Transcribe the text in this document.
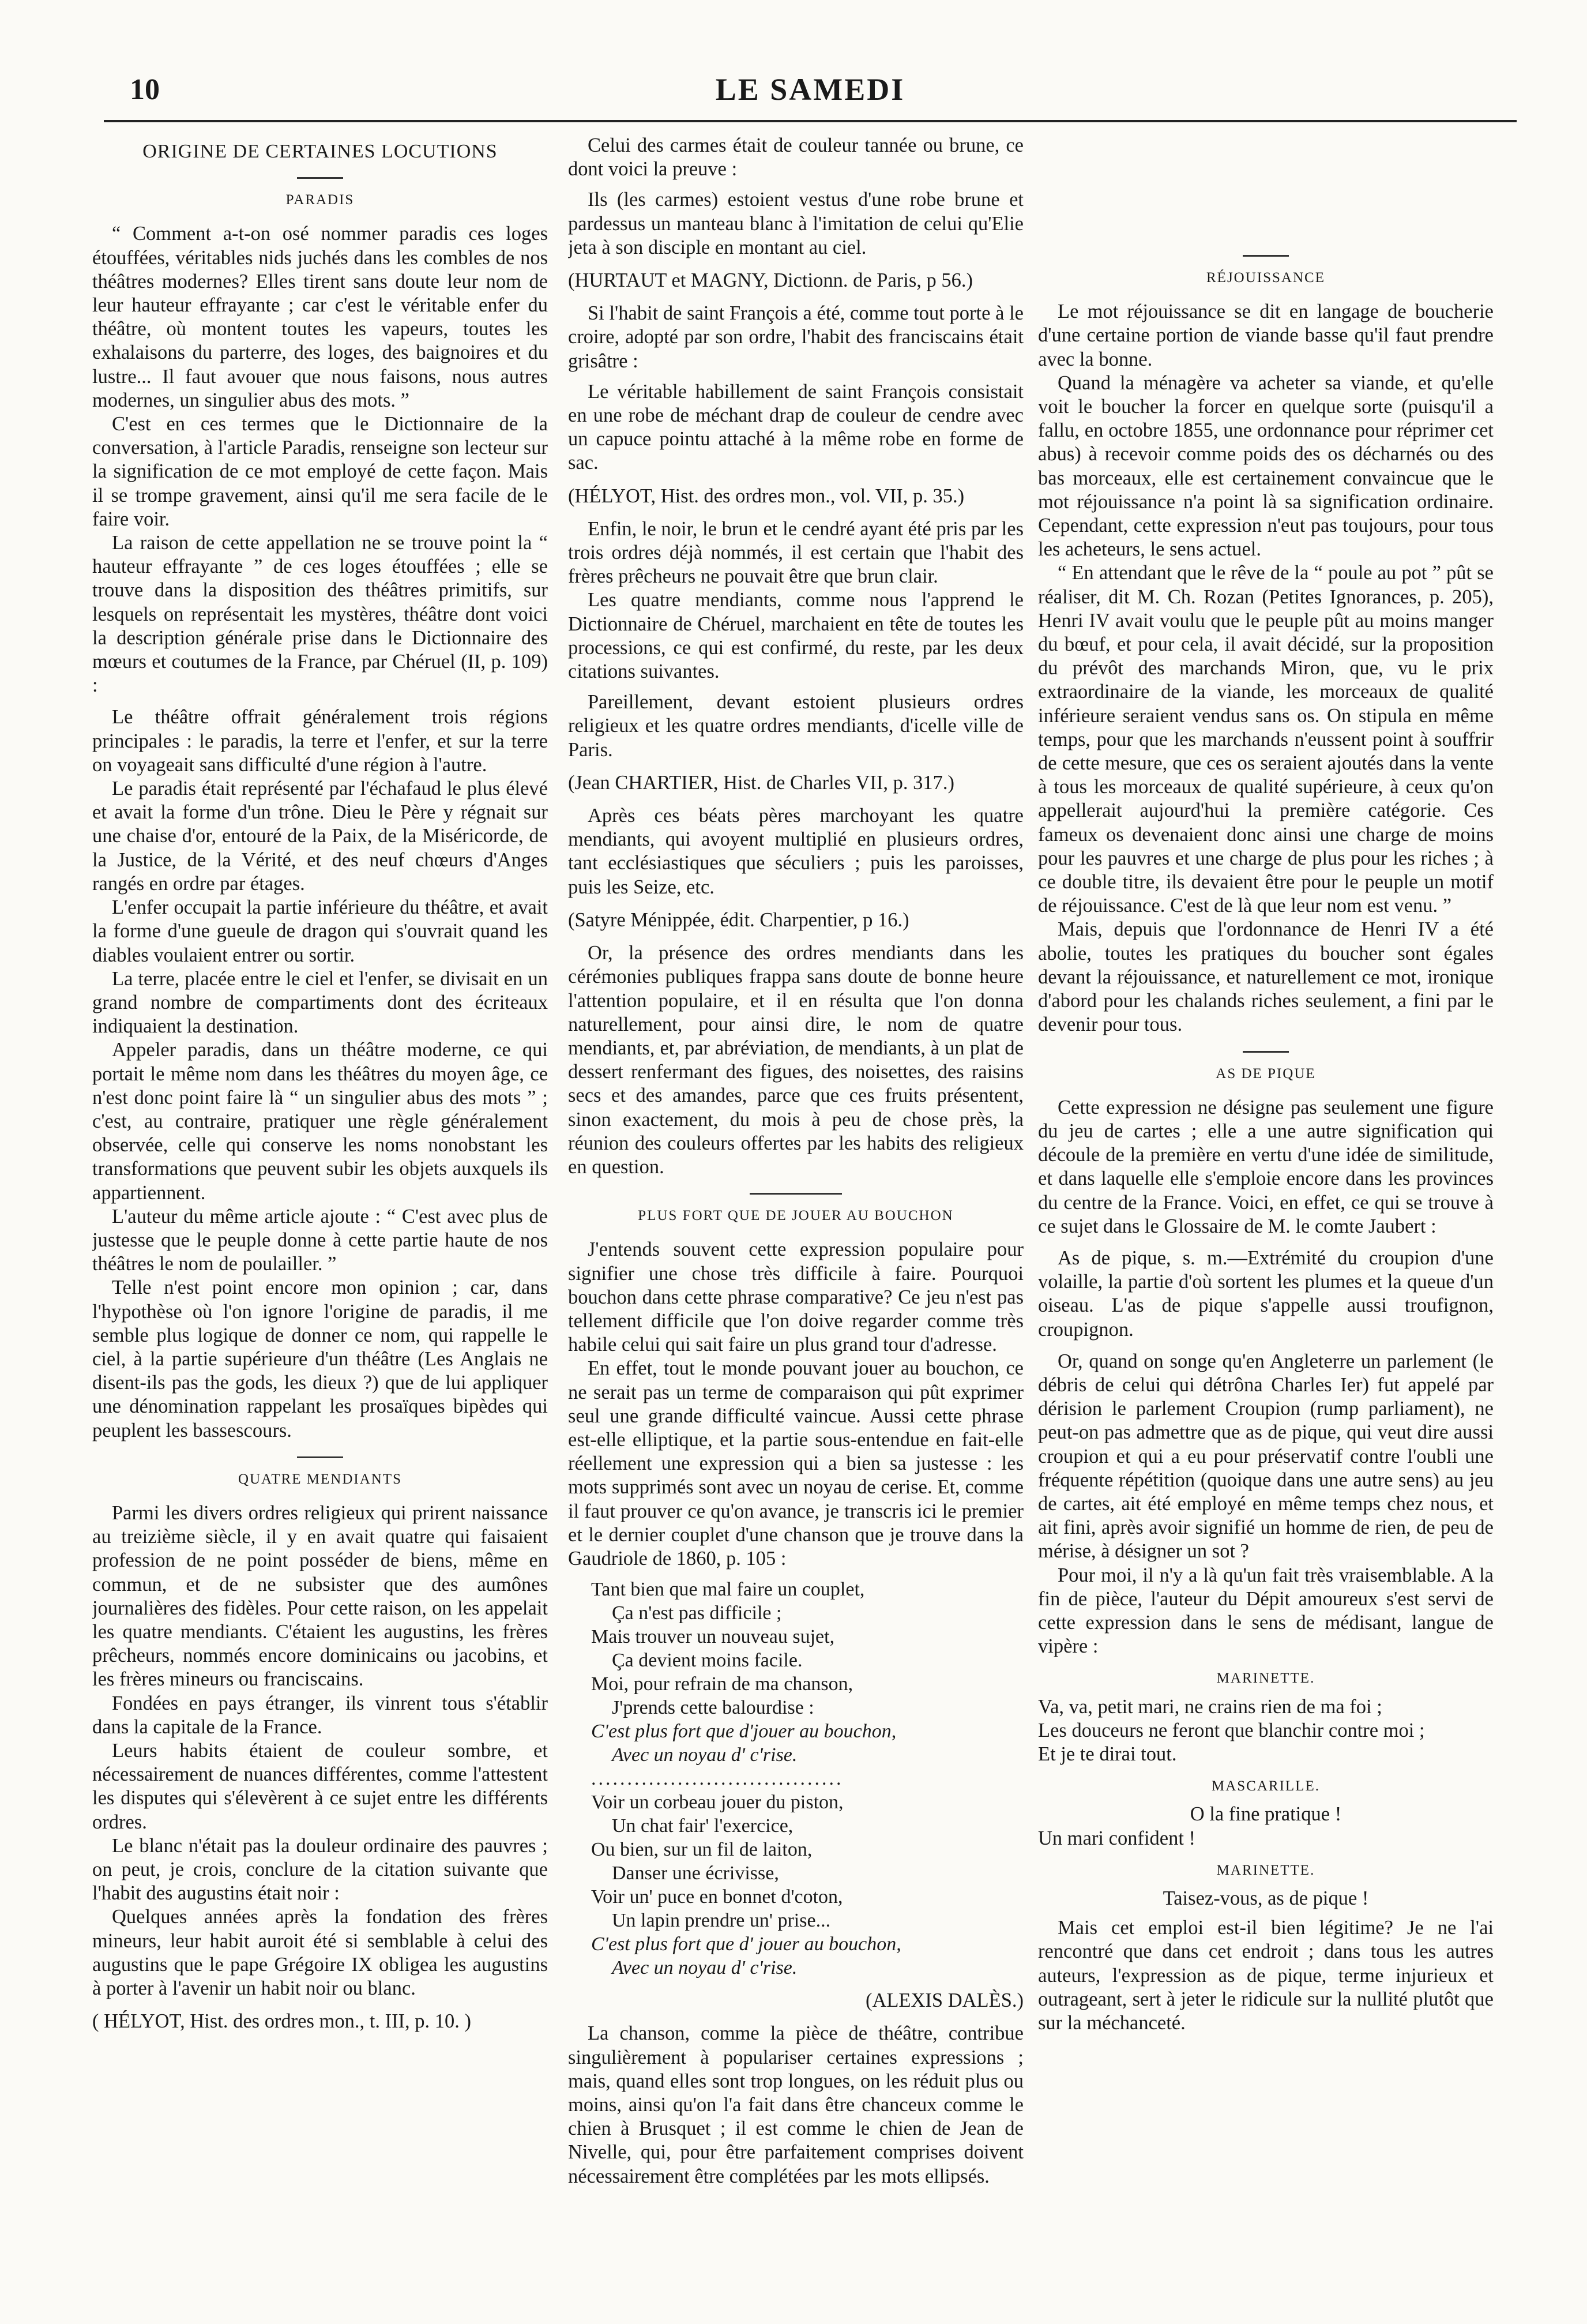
10	LE SAMEDI
ORIGINE DE CERTAINES LOCUTIONS
PARADIS

“ Comment a-t-on osé nommer paradis ces loges étouffées, véritables nids juchés dans les combles de nos théâtres modernes? Elles tirent sans doute leur nom de leur hauteur effrayante ; car c'est le véritable enfer du théâtre, où montent toutes les vapeurs, toutes les exhalaisons du parterre, des loges, des baignoires et du lustre... Il faut avouer que nous faisons, nous autres modernes, un singulier abus des mots. ”

C'est en ces termes que le Dictionnaire de la conversation, à l'article Paradis, renseigne son lecteur sur la signification de ce mot employé de cette façon. Mais il se trompe gravement, ainsi qu'il me sera facile de le faire voir.

La raison de cette appellation ne se trouve point la “ hauteur effrayante ” de ces loges étouffées ; elle se trouve dans la disposition des théâtres primitifs, sur lesquels on représentait les mystères, théâtre dont voici la description générale prise dans le Dictionnaire des mœurs et coutumes de la France, par Chéruel (II, p. 109) :

Le théâtre offrait généralement trois régions principales : le paradis, la terre et l'enfer, et sur la terre on voyageait sans difficulté d'une région à l'autre.

Le paradis était représenté par l'échafaud le plus élevé et avait la forme d'un trône. Dieu le Père y régnait sur une chaise d'or, entouré de la Paix, de la Miséricorde, de la Justice, de la Vérité, et des neuf chœurs d'Anges rangés en ordre par étages.

L'enfer occupait la partie inférieure du théâtre, et avait la forme d'une gueule de dragon qui s'ouvrait quand les diables voulaient entrer ou sortir.

La terre, placée entre le ciel et l'enfer, se divisait en un grand nombre de compartiments dont des écriteaux indiquaient la destination.

Appeler paradis, dans un théâtre moderne, ce qui portait le même nom dans les théâtres du moyen âge, ce n'est donc point faire là “ un singulier abus des mots ” ; c'est, au contraire, pratiquer une règle généralement observée, celle qui conserve les noms nonobstant les transformations que peuvent subir les objets auxquels ils appartiennent.

L'auteur du même article ajoute : “ C'est avec plus de justesse que le peuple donne à cette partie haute de nos théâtres le nom de poulailler. ”

Telle n'est point encore mon opinion ; car, dans l'hypothèse où l'on ignore l'origine de paradis, il me semble plus logique de donner ce nom, qui rappelle le ciel, à la partie supérieure d'un théâtre (Les Anglais ne disent-ils pas the gods, les dieux ?) que de lui appliquer une dénomination rappelant les prosaïques bipèdes qui peuplent les bassescours.

QUATRE MENDIANTS

Parmi les divers ordres religieux qui prirent naissance au treizième siècle, il y en avait quatre qui faisaient profession de ne point posséder de biens, même en commun, et de ne subsister que des aumônes journalières des fidèles. Pour cette raison, on les appelait les quatre mendiants. C'étaient les augustins, les frères prêcheurs, nommés encore dominicains ou jacobins, et les frères mineurs ou franciscains.

Fondées en pays étranger, ils vinrent tous s'établir dans la capitale de la France.

Leurs habits étaient de couleur sombre, et nécessairement de nuances différentes, comme l'attestent les disputes qui s'élevèrent à ce sujet entre les différents ordres.

Le blanc n'était pas la douleur ordinaire des pauvres ; on peut, je crois, conclure de la citation suivante que l'habit des augustins était noir :

Quelques années après la fondation des frères mineurs, leur habit auroit été si semblable à celui des augustins que le pape Grégoire IX obligea les augustins à porter à l'avenir un habit noir ou blanc.

( HÉLYOT, Hist. des ordres mon., t. III, p. 10. )

Celui des carmes était de couleur tannée ou brune, ce dont voici la preuve :

Ils (les carmes) estoient vestus d'une robe brune et pardessus un manteau blanc à l'imitation de celui qu'Elie jeta à son disciple en montant au ciel.

(HURTAUT et MAGNY, Dictionn. de Paris, p 56.)

Si l'habit de saint François a été, comme tout porte à le croire, adopté par son ordre, l'habit des franciscains était grisâtre :

Le véritable habillement de saint François consistait en une robe de méchant drap de couleur de cendre avec un capuce pointu attaché à la même robe en forme de sac.

(HÉLYOT, Hist. des ordres mon., vol. VII, p. 35.)

Enfin, le noir, le brun et le cendré ayant été pris par les trois ordres déjà nommés, il est certain que l'habit des frères prêcheurs ne pouvait être que brun clair.

Les quatre mendiants, comme nous l'apprend le Dictionnaire de Chéruel, marchaient en tête de toutes les processions, ce qui est confirmé, du reste, par les deux citations suivantes.

Pareillement, devant estoient plusieurs ordres religieux et les quatre ordres mendiants, d'icelle ville de Paris.

(Jean CHARTIER, Hist. de Charles VII, p. 317.)

Après ces béats pères marchoyant les quatre mendiants, qui avoyent multiplié en plusieurs ordres, tant ecclésiastiques que séculiers ; puis les paroisses, puis les Seize, etc.

(Satyre Ménippée, édit. Charpentier, p 16.)

Or, la présence des ordres mendiants dans les cérémonies publiques frappa sans doute de bonne heure l'attention populaire, et il en résulta que l'on donna naturellement, pour ainsi dire, le nom de quatre mendiants, et, par abréviation, de mendiants, à un plat de dessert renfermant des figues, des noisettes, des raisins secs et des amandes, parce que ces fruits présentent, sinon exactement, du mois à peu de chose près, la réunion des couleurs offertes par les habits des religieux en question.

PLUS FORT QUE DE JOUER AU BOUCHON

J'entends souvent cette expression populaire pour signifier une chose très difficile à faire. Pourquoi bouchon dans cette phrase comparative? Ce jeu n'est pas tellement difficile que l'on doive regarder comme très habile celui qui sait faire un plus grand tour d'adresse.

En effet, tout le monde pouvant jouer au bouchon, ce ne serait pas un terme de comparaison qui pût exprimer seul une grande difficulté vaincue. Aussi cette phrase est-elle elliptique, et la partie sous-entendue en fait-elle réellement une expression qui a bien sa justesse : les mots supprimés sont avec un noyau de cerise. Et, comme il faut prouver ce qu'on avance, je transcris ici le premier et le dernier couplet d'une chanson que je trouve dans la Gaudriole de 1860, p. 105 :

Tant bien que mal faire un couplet,
Ça n'est pas difficile ;
Mais trouver un nouveau sujet,
Ça devient moins facile.
Moi, pour refrain de ma chanson,
J'prends cette balourdise :
C'est plus fort que d'jouer au bouchon,
Avec un noyau d' c'rise.
...................................
Voir un corbeau jouer du piston,
Un chat fair' l'exercice,
Ou bien, sur un fil de laiton,
Danser une écrivisse,
Voir un' puce en bonnet d'coton,
Un lapin prendre un' prise...
C'est plus fort que d' jouer au bouchon,
Avec un noyau d' c'rise.

(ALEXIS DALÈS.)

La chanson, comme la pièce de théâtre, contribue singulièrement à populariser certaines expressions ; mais, quand elles sont trop longues, on les réduit plus ou moins, ainsi qu'on l'a fait dans être chanceux comme le chien à Brusquet ; il est comme le chien de Jean de Nivelle, qui, pour être parfaitement comprises doivent nécessairement être complétées par les mots ellipsés.

RÉJOUISSANCE

Le mot réjouissance se dit en langage de boucherie d'une certaine portion de viande basse qu'il faut prendre avec la bonne.

Quand la ménagère va acheter sa viande, et qu'elle voit le boucher la forcer en quelque sorte (puisqu'il a fallu, en octobre 1855, une ordonnance pour réprimer cet abus) à recevoir comme poids des os décharnés ou des bas morceaux, elle est certainement convaincue que le mot réjouissance n'a point là sa signification ordinaire. Cependant, cette expression n'eut pas toujours, pour tous les acheteurs, le sens actuel.

“ En attendant que le rêve de la “ poule au pot ” pût se réaliser, dit M. Ch. Rozan (Petites Ignorances, p. 205), Henri IV avait voulu que le peuple pût au moins manger du bœuf, et pour cela, il avait décidé, sur la proposition du prévôt des marchands Miron, que, vu le prix extraordinaire de la viande, les morceaux de qualité inférieure seraient vendus sans os. On stipula en même temps, pour que les marchands n'eussent point à souffrir de cette mesure, que ces os seraient ajoutés dans la vente à tous les morceaux de qualité supérieure, à ceux qu'on appellerait aujourd'hui la première catégorie. Ces fameux os devenaient donc ainsi une charge de moins pour les pauvres et une charge de plus pour les riches ; à ce double titre, ils devaient être pour le peuple un motif de réjouissance. C'est de là que leur nom est venu. ”

Mais, depuis que l'ordonnance de Henri IV a été abolie, toutes les pratiques du boucher sont égales devant la réjouissance, et naturellement ce mot, ironique d'abord pour les chalands riches seulement, a fini par le devenir pour tous.

AS DE PIQUE

Cette expression ne désigne pas seulement une figure du jeu de cartes ; elle a une autre signification qui découle de la première en vertu d'une idée de similitude, et dans laquelle elle s'emploie encore dans les provinces du centre de la France. Voici, en effet, ce qui se trouve à ce sujet dans le Glossaire de M. le comte Jaubert :

As de pique, s. m.—Extrémité du croupion d'une volaille, la partie d'où sortent les plumes et la queue d'un oiseau. L'as de pique s'appelle aussi troufignon, croupignon.

Or, quand on songe qu'en Angleterre un parlement (le débris de celui qui détrôna Charles Ier) fut appelé par dérision le parlement Croupion (rump parliament), ne peut-on pas admettre que as de pique, qui veut dire aussi croupion et qui a eu pour préservatif contre l'oubli une fréquente répétition (quoique dans une autre sens) au jeu de cartes, ait été employé en même temps chez nous, et ait fini, après avoir signifié un homme de rien, de peu de mérise, à désigner un sot ?

Pour moi, il n'y a là qu'un fait très vraisemblable. A la fin de pièce, l'auteur du Dépit amoureux s'est servi de cette expression dans le sens de médisant, langue de vipère :

MARINETTE.

Va, va, petit mari, ne crains rien de ma foi ;

Les douceurs ne feront que blanchir contre moi ;

Et je te dirai tout.

MASCARILLE.

O la fine pratique !

Un mari confident !

MARINETTE.

Taisez-vous, as de pique !

Mais cet emploi est-il bien légitime? Je ne l'ai rencontré que dans cet endroit ; dans tous les autres auteurs, l'expression as de pique, terme injurieux et outrageant, sert à jeter le ridicule sur la nullité plutôt que sur la méchanceté.
